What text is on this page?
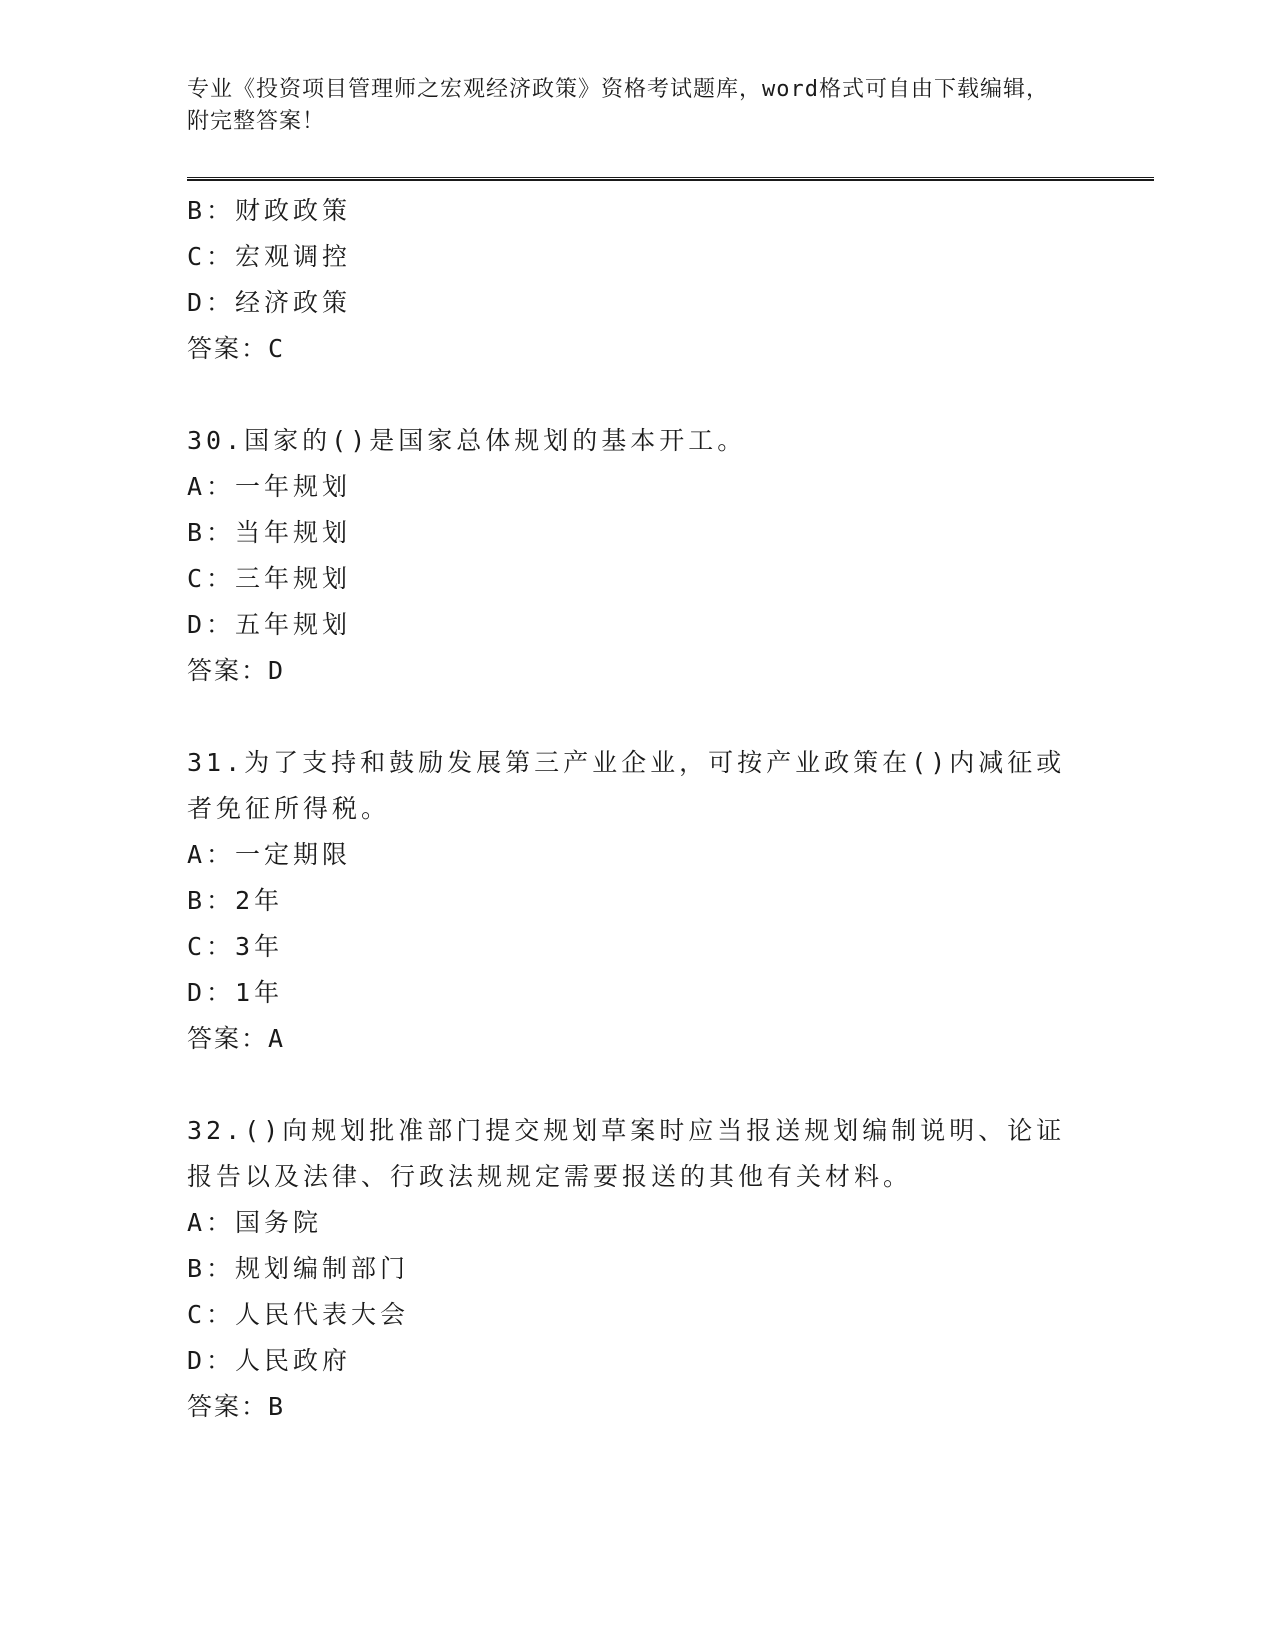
专业《投资项目管理师之宏观经济政策》资格考试题库，word格式可自由下载编辑，附完整答案！
B：财政政策
C：宏观调控
D：经济政策
答案：C
30.国家的()是国家总体规划的基本开工。
A：一年规划
B：当年规划
C：三年规划
D：五年规划
答案：D
31.为了支持和鼓励发展第三产业企业，可按产业政策在()内减征或者免征所得税。
A：一定期限
B：2年
C：3年
D：1年
答案：A
32.()向规划批准部门提交规划草案时应当报送规划编制说明、论证报告以及法律、行政法规规定需要报送的其他有关材料。
A：国务院
B：规划编制部门
C：人民代表大会
D：人民政府
答案：B
